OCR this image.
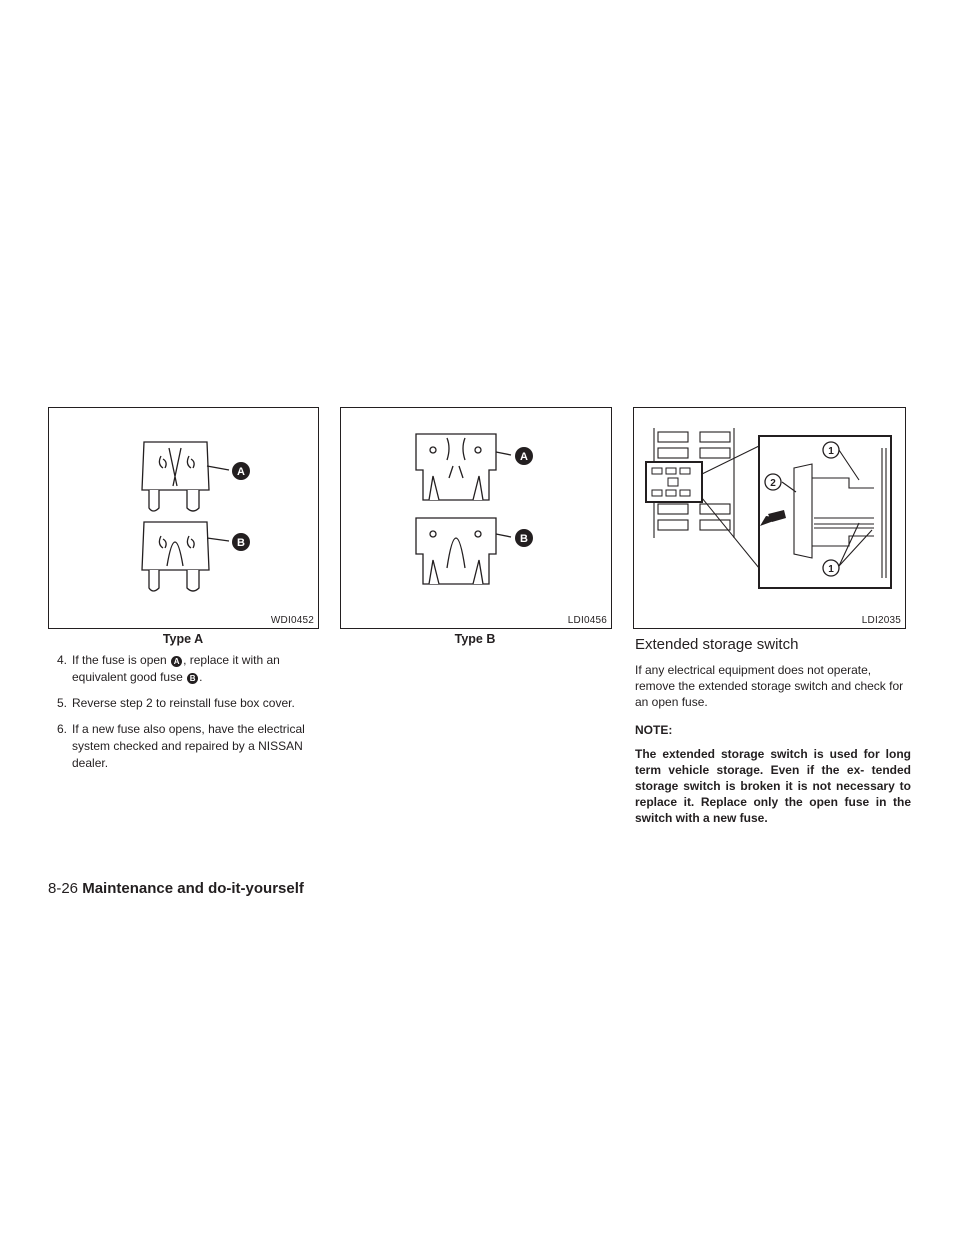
A
B
WDI0452
Type A
A
B
LDI0456
Type B
1
2
1
LDI2035
4. If the fuse is open A , replace it with an equivalent good fuse B .
5. Reverse step 2 to reinstall fuse box cover.
6. If a new fuse also opens, have the electrical system checked and repaired by a NISSAN dealer.
Extended storage switch
If any electrical equipment does not operate, remove the extended storage switch and check for an open fuse.
NOTE:
The extended storage switch is used for long term vehicle storage. Even if the ex- tended storage switch is broken it is not necessary to replace it. Replace only the open fuse in the switch with a new fuse.
8-26 Maintenance and do-it-yourself
